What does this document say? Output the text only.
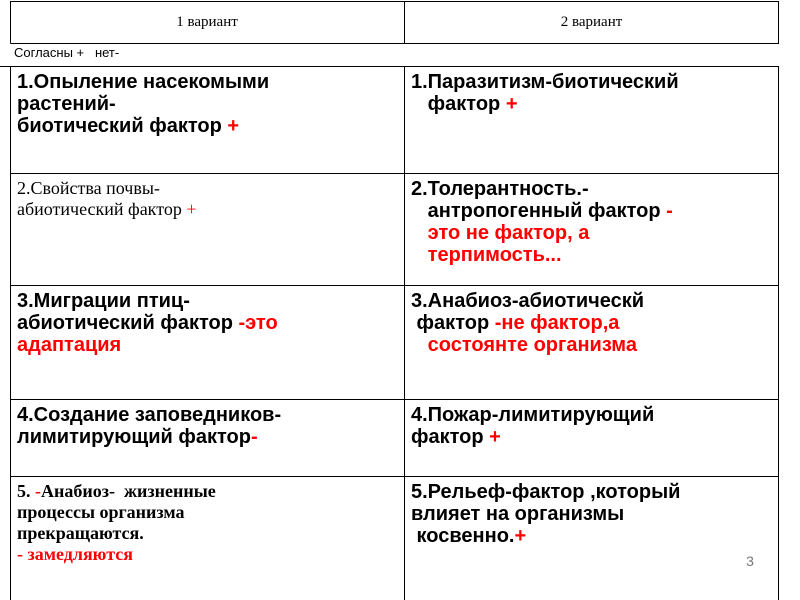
1 вариант	2 вариант
Согласны +   нет-
1.Опыление насекомыми
растений-
биотический фактор +
1.Паразитизм-биотический
фактор +
2.Свойства почвы-
абиотический фактор +
2.Толерантность.-
антропогенный фактор -
это не фактор, а
терпимость...
3.Миграции птиц-
абиотический фактор -это
адаптация
3.Анабиоз-абиотическй
фактор -не фактор,а
состоянте организма
4.Создание заповедников-
лимитирующий фактор-
4.Пожар-лимитирующий
фактор +
5. -Анабиоз-  жизненные
процессы организма
прекращаются.
- замедляются
5.Рельеф-фактор ,который
влияет на организмы
косвенно.+
3
